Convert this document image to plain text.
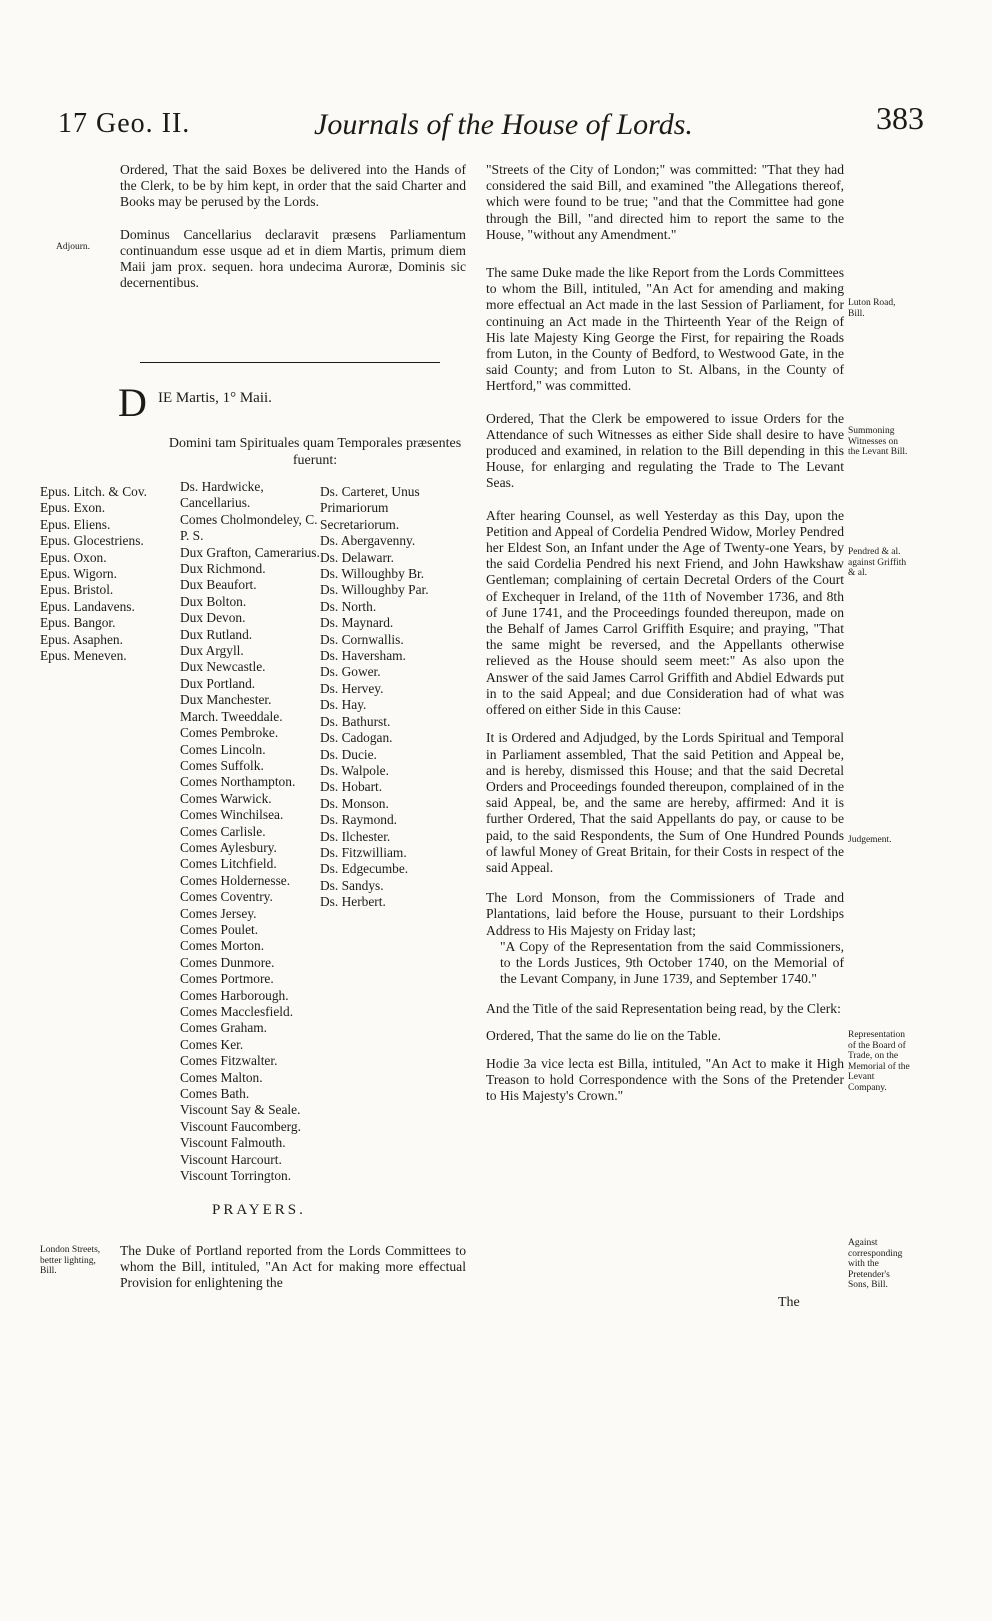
17 Geo. II.	Journals of the House of Lords.	383

Ordered, That the said Boxes be delivered into the Hands of the Clerk, to be by him kept, in order that the said Charter and Books may be perused by the Lords.

Dominus Cancellarius declaravit præsens Parliamentum continuandum esse usque ad et in diem Martis, primum diem Maii jam prox. sequen. hora undecima Auroræ, Dominis sic decernentibus.

D IE Martis, 1° Maii.
Domini tam Spirituales quam Temporales præsentes fuerunt:
Epus. Litch. & Cov.
Epus. Exon.
Epus. Eliens.
Epus. Glocestriens.
Epus. Oxon.
Epus. Wigorn.
Epus. Bristol.
Epus. Landavens.
Epus. Bangor.
Epus. Asaphen.
Epus. Meneven.
Ds. Hardwicke, Cancellarius.
Comes Cholmondeley, C. P. S.
Dux Grafton, Camerarius.
Dux Richmond.
Dux Beaufort.
Dux Bolton.
Dux Devon.
Dux Rutland.
Dux Argyll.
Dux Newcastle.
Dux Portland.
Dux Manchester.
March. Tweeddale.
Comes Pembroke.
Comes Lincoln.
Comes Suffolk.
Comes Northampton.
Comes Warwick.
Comes Winchilsea.
Comes Carlisle.
Comes Aylesbury.
Comes Litchfield.
Comes Holdernesse.
Comes Coventry.
Comes Jersey.
Comes Poulet.
Comes Morton.
Comes Dunmore.
Comes Portmore.
Comes Harborough.
Comes Macclesfield.
Comes Graham.
Comes Ker.
Comes Fitzwalter.
Comes Malton.
Comes Bath.
Viscount Say & Seale.
Viscount Faucomberg.
Viscount Falmouth.
Viscount Harcourt.
Viscount Torrington.
Ds. Carteret, Unus Primariorum Secretariorum.
Ds. Abergavenny.
Ds. Delawarr.
Ds. Willoughby Br.
Ds. Willoughby Par.
Ds. North.
Ds. Maynard.
Ds. Cornwallis.
Ds. Haversham.
Ds. Gower.
Ds. Hervey.
Ds. Hay.
Ds. Bathurst.
Ds. Cadogan.
Ds. Ducie.
Ds. Walpole.
Ds. Hobart.
Ds. Monson.
Ds. Raymond.
Ds. Ilchester.
Ds. Fitzwilliam.
Ds. Edgecumbe.
Ds. Sandys.
Ds. Herbert.
PRAYERS.

The Duke of Portland reported from the Lords Committees to whom the Bill, intituled, "An Act for making more effectual Provision for enlightening the

"Streets of the City of London;" was committed: "That they had considered the said Bill, and examined "the Allegations thereof, which were found to be true; "and that the Committee had gone through the Bill, "and directed him to report the same to the House, "without any Amendment."

The same Duke made the like Report from the Lords Committees to whom the Bill, intituled, "An Act for amending and making more effectual an Act made in the last Session of Parliament, for continuing an Act made in the Thirteenth Year of the Reign of His late Majesty King George the First, for repairing the Roads from Luton, in the County of Bedford, to Westwood Gate, in the said County; and from Luton to St. Albans, in the County of Hertford," was committed.

Ordered, That the Clerk be empowered to issue Orders for the Attendance of such Witnesses as either Side shall desire to have produced and examined, in relation to the Bill depending in this House, for enlarging and regulating the Trade to The Levant Seas.

After hearing Counsel, as well Yesterday as this Day, upon the Petition and Appeal of Cordelia Pendred Widow, Morley Pendred her Eldest Son, an Infant under the Age of Twenty-one Years, by the said Cordelia Pendred his next Friend, and John Hawkshaw Gentleman; complaining of certain Decretal Orders of the Court of Exchequer in Ireland, of the 11th of November 1736, and 8th of June 1741, and the Proceedings founded thereupon, made on the Behalf of James Carrol Griffith Esquire; and praying, "That the same might be reversed, and the Appellants otherwise relieved as the House should seem meet:" As also upon the Answer of the said James Carrol Griffith and Abdiel Edwards put in to the said Appeal; and due Consideration had of what was offered on either Side in this Cause:

It is Ordered and Adjudged, by the Lords Spiritual and Temporal in Parliament assembled, That the said Petition and Appeal be, and is hereby, dismissed this House; and that the said Decretal Orders and Proceedings founded thereupon, complained of in the said Appeal, be, and the same are hereby, affirmed: And it is further Ordered, That the said Appellants do pay, or cause to be paid, to the said Respondents, the Sum of One Hundred Pounds of lawful Money of Great Britain, for their Costs in respect of the said Appeal.

The Lord Monson, from the Commissioners of Trade and Plantations, laid before the House, pursuant to their Lordships Address to His Majesty on Friday last;

"A Copy of the Representation from the said Commissioners, to the Lords Justices, 9th October 1740, on the Memorial of the Levant Company, in June 1739, and September 1740."

And the Title of the said Representation being read, by the Clerk:

Ordered, That the same do lie on the Table.

Hodie 3a vice lecta est Billa, intituled, "An Act to make it High Treason to hold Correspondence with the Sons of the Pretender to His Majesty's Crown."

The
Adjourn.
London Streets, better lighting, Bill.
Luton Road, Bill.
Summoning Witnesses on the Levant Bill.
Pendred & al. against Griffith & al.
Judgement.
Representation of the Board of Trade, on the Memorial of the Levant Company.
Against corresponding with the Pretender's Sons, Bill.
